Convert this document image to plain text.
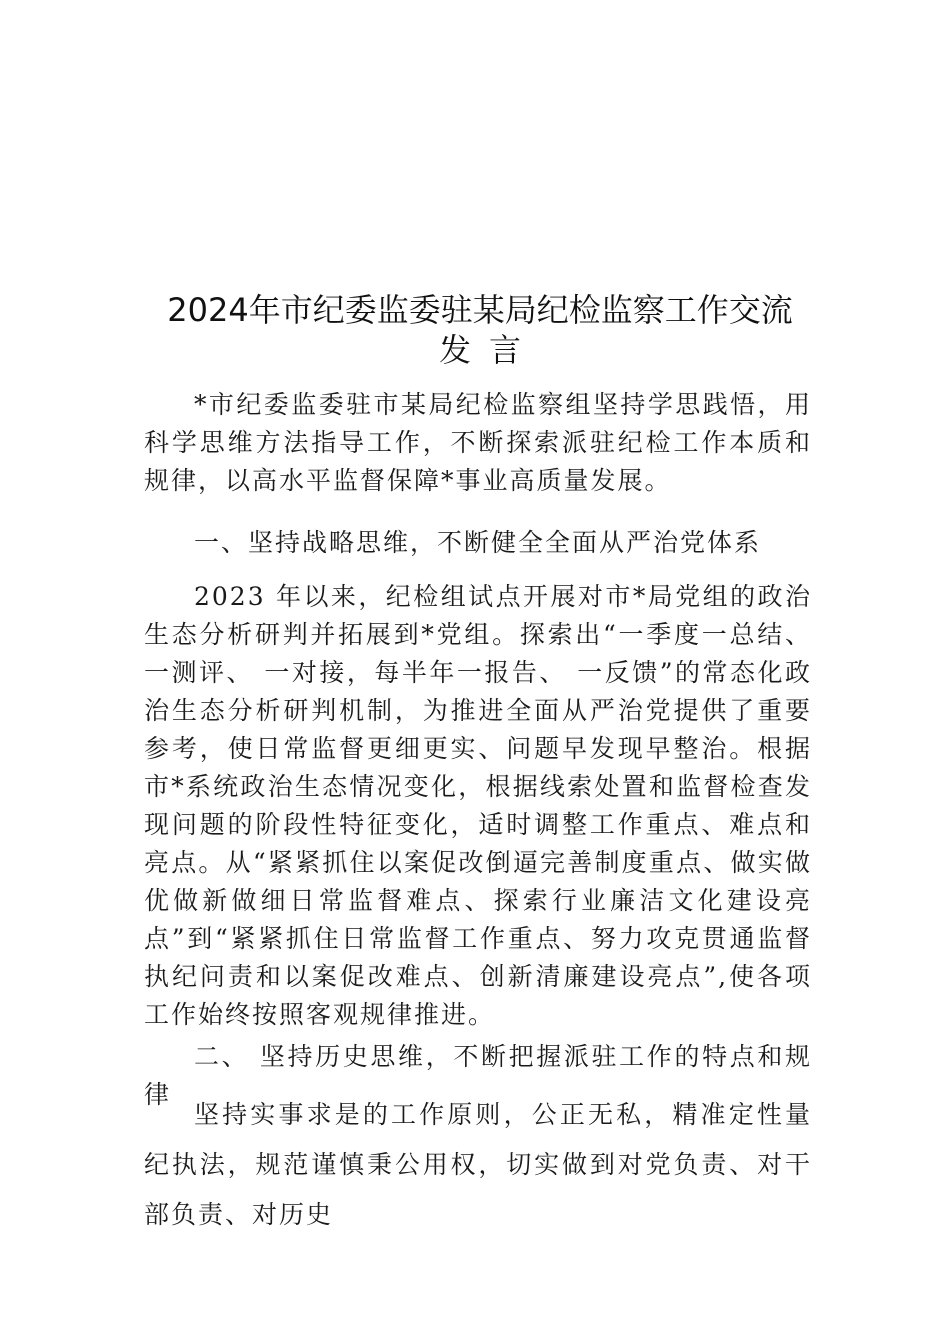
2024年市纪委监委驻某局纪检监察工作交流
发言

*市纪委监委驻市某局纪检监察组坚持学思践悟，用科学思维方法指导工作，不断探索派驻纪检工作本质和规律，以高水平监督保障*事业高质量发展。

一、坚持战略思维，不断健全全面从严治党体系

2023 年以来，纪检组试点开展对市*局党组的政治生态分析研判并拓展到*党组。探索出“一季度一总结、 一测评、 一对接，每半年一报告、 一反馈”的常态化政治生态分析研判机制，为推进全面从严治党提供了重要参考，使日常监督更细更实、问题早发现早整治。根据市*系统政治生态情况变化，根据线索处置和监督检查发现问题的阶段性特征变化，适时调整工作重点、难点和亮点。从“紧紧抓住以案促改倒逼完善制度重点、做实做优做新做细日常监督难点、探索行业廉洁文化建设亮点”到“紧紧抓住日常监督工作重点、努力攻克贯通监督执纪问责和以案促改难点、创新清廉建设亮点”,使各项工作始终按照客观规律推进。

二、 坚持历史思维，不断把握派驻工作的特点和规律

坚持实事求是的工作原则，公正无私，精准定性量纪执法，规范谨慎秉公用权，切实做到对党负责、对干部负责、对历史
